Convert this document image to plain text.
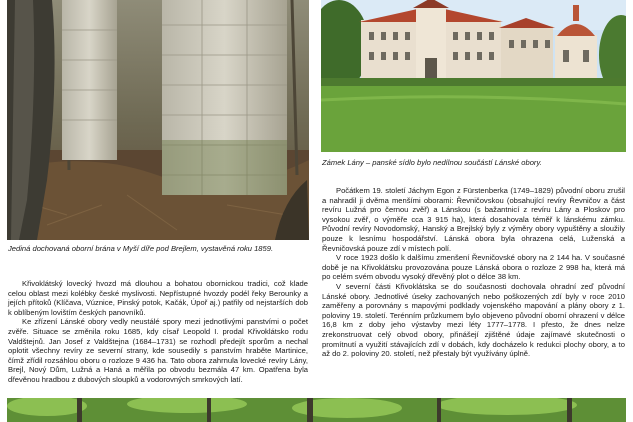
Jediná dochovaná oborní brána v Myší díře pod Brejlem, vystavěná roku 1859.

Zámek Lány – panské sídlo bylo nedílnou součástí Lánské obory.

Křivoklátský lovecký hvozd má dlouhou a bohatou obornickou tradici, což klade celou oblast mezi kolébky české myslivosti. Nepřístupné hvozdy podél řeky Berounky a jejích přítoků (Klíčava, Vúznice, Pinský potok, Kačák, Úpoř aj.) patřily od nejstarších dob k oblíbeným lovištím českých panovníků.

Ke zřízení Lánské obory vedly neustálé spory mezi jednotlivými panstvími o počet zvěře. Situace se změnila roku 1685, kdy císař Leopold I. prodal Křivoklátsko rodu Valdštejnů. Jan Josef z Valdštejna (1684–1731) se rozhodl předejít sporům a nechal oplotit všechny revíry ze severní strany, kde sousedily s panstvím hraběte Martinice, čímž zřídil rozsáhlou oboru o rozloze 9 436 ha. Tato obora zahrnula lovecké revíry Lány, Brejl, Nový Dům, Lužná a Haná a měřila po obvodu bezmála 47 km. Opatřena byla dřevěnou hradbou z dubových sloupků a vodorovných smrkových latí.

Počátkem 19. století Jáchym Egon z Fürstenberka (1749–1829) původní oboru zrušil a nahradil ji dvěma menšími oborami: Řevničovskou (obsahující revíry Řevničov a část revíru Lužná pro černou zvěř) a Lánskou (s bažantnicí z revíru Lány a Ploskov pro vysokou zvěř, o výměře cca 3 915 ha), která dosahovala téměř k lánskému zámku. Původní revíry Novodomský, Hanský a Brejlský byly z výměry obory vypuštěny a sloužily pouze k lesnímu hospodářství. Lánská obora byla ohrazena celá, Luženská a Řevničovská pouze zdí v místech polí.

V roce 1923 došlo k dalšímu zmenšení Řevničovské obory na 2 144 ha. V současné době je na Křivoklátsku provozována pouze Lánská obora o rozloze 2 998 ha, která má po celém svém obvodu vysoký dřevěný plot o délce 38 km.

V severní části Křivoklátska se do současnosti dochovala ohradní zeď původní Lánské obory. Jednotlivé úseky zachovaných nebo poškozených zdí byly v roce 2010 zaměřeny a porovnány s mapovými podklady vojenského mapování a plány obory z 1. poloviny 19. století. Terénním průzkumem bylo objeveno původní oborní ohrazení v délce 16,8 km z doby jeho výstavby mezi léty 1777–1778. I přesto, že dnes nelze zrekonstruovat celý obvod obory, přinášejí zjištěné údaje zajímavé skutečnosti o promítnutí a využití stávajících zdí v dobách, kdy docházelo k redukci plochy obory, a to až do 2. poloviny 20. století, než přestaly být využívány úplně.
